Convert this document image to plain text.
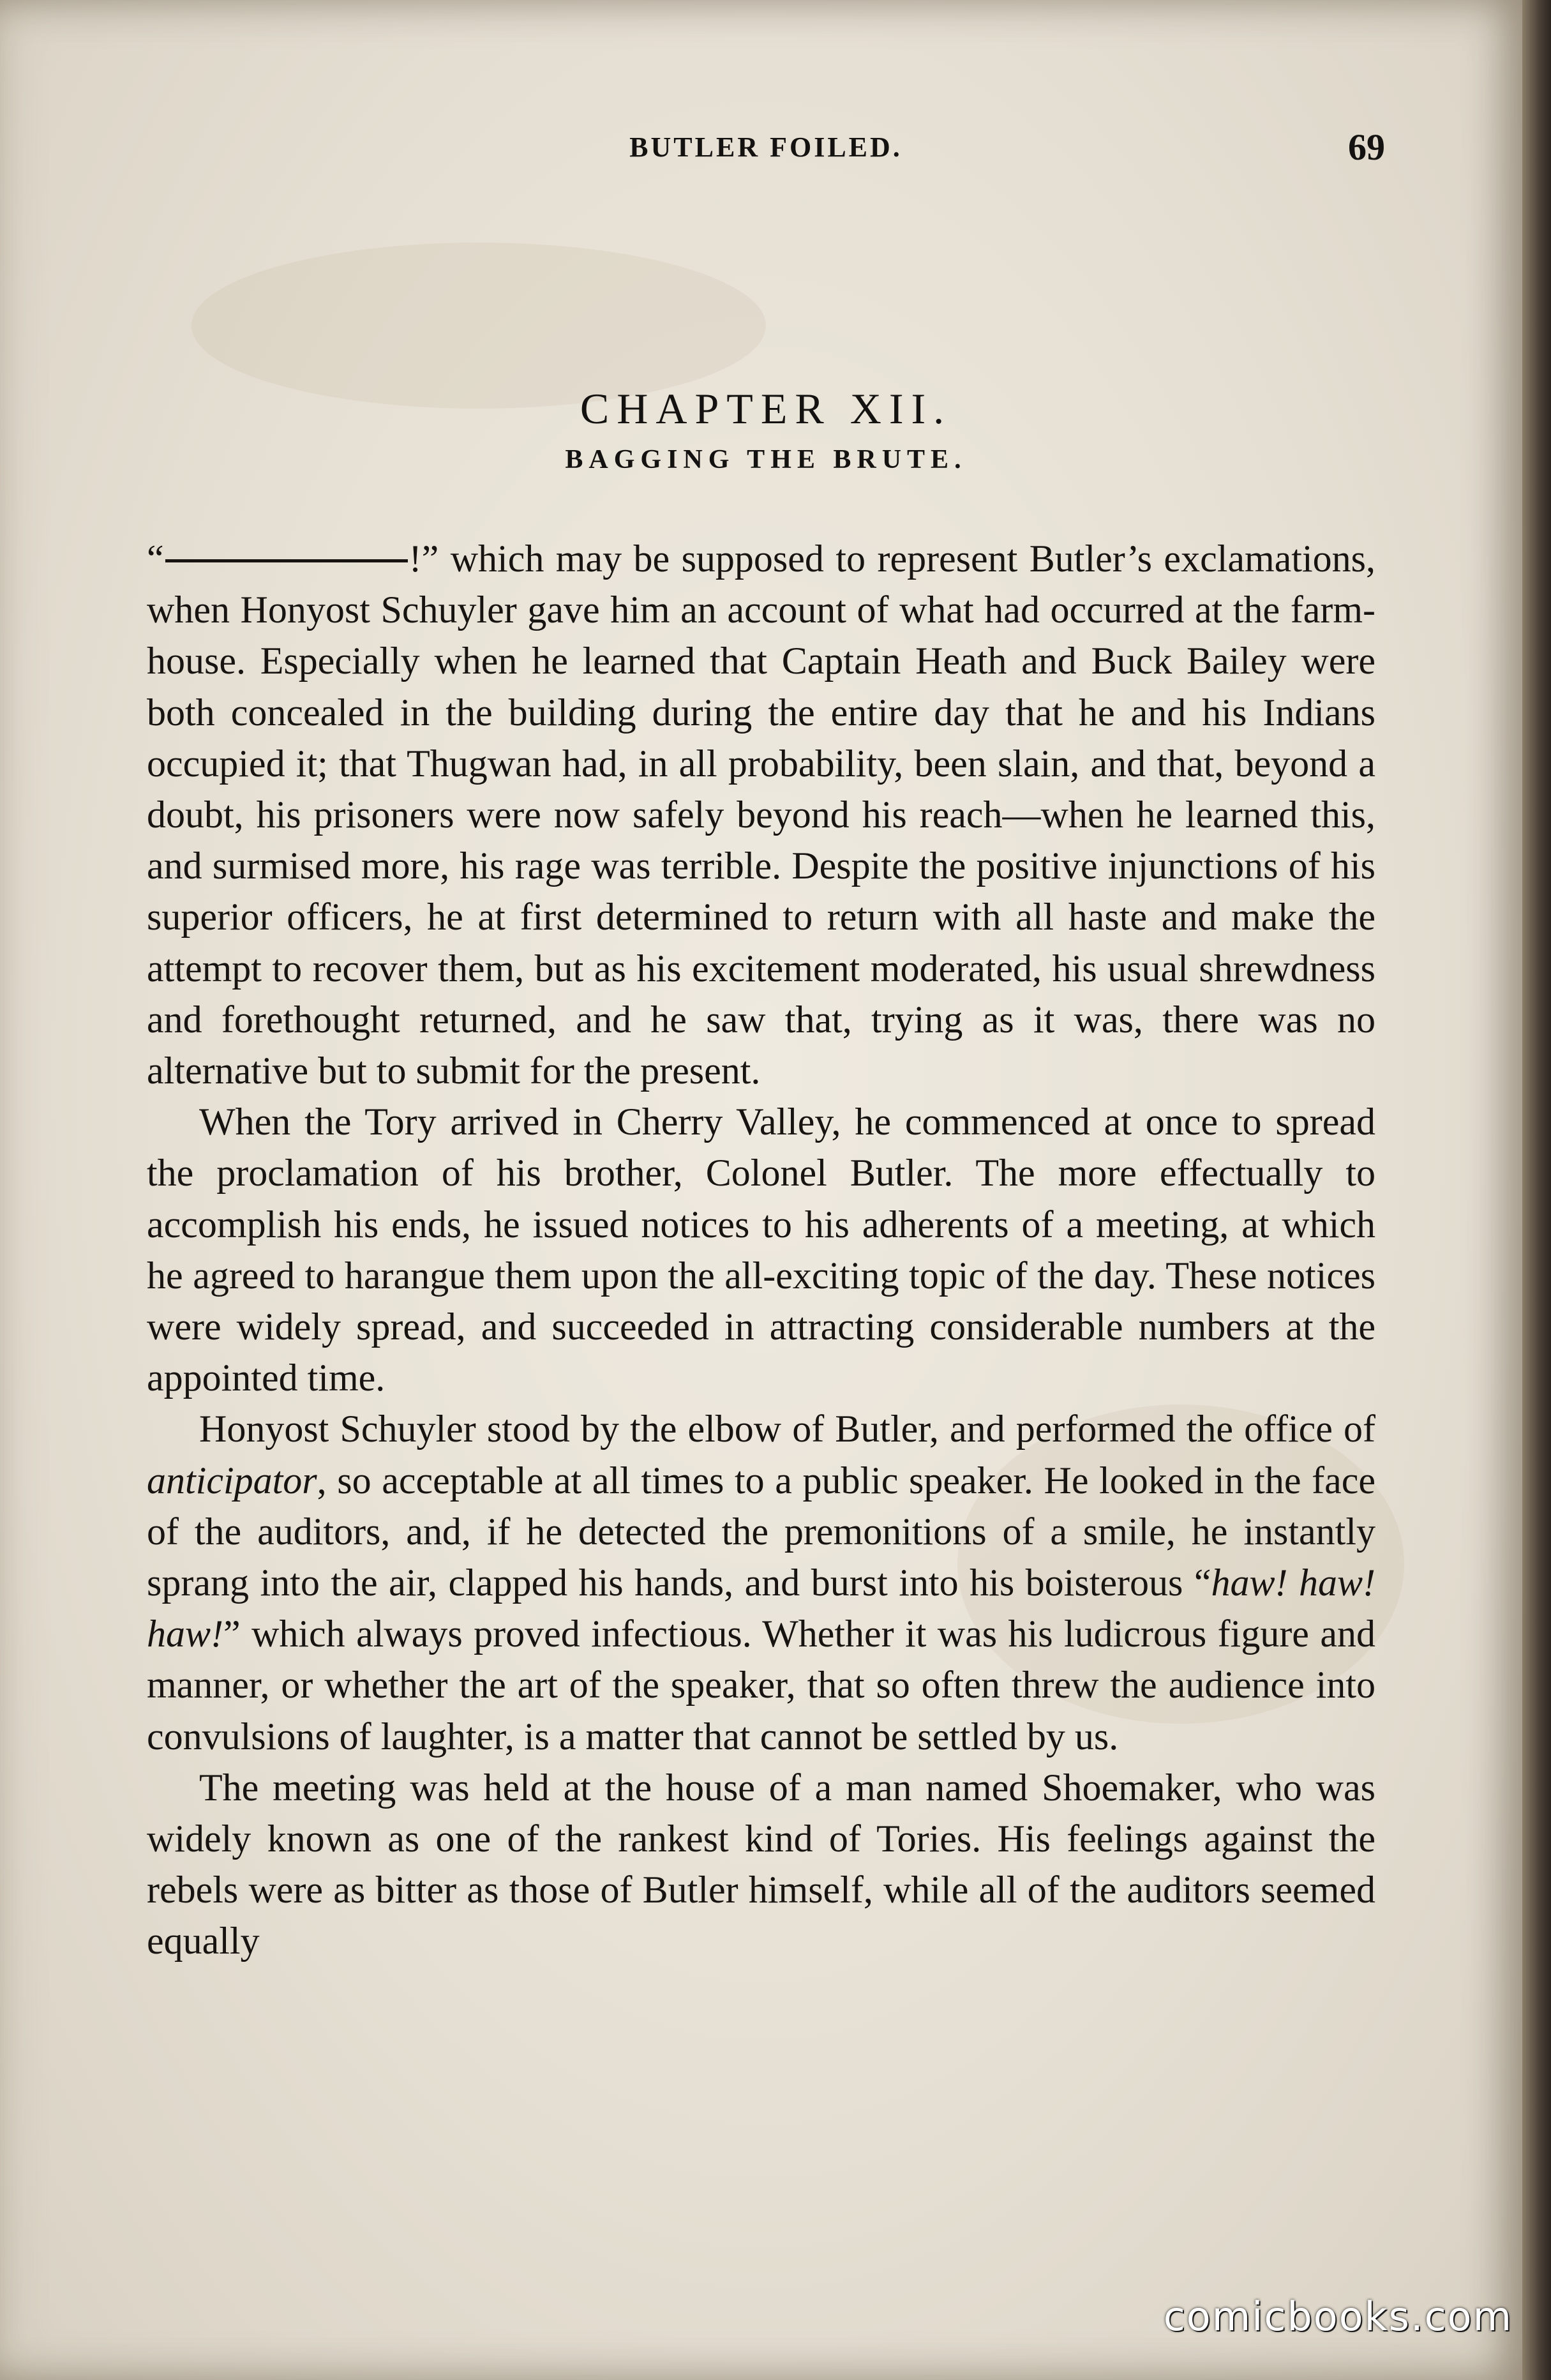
BUTLER FOILED.	69
CHAPTER XII.
BAGGING THE BRUTE.

“	!” which may be supposed to represent Butler’s exclamations, when Honyost Schuyler gave him an account of what had occurred at the farm-house. Especially when he learned that Captain Heath and Buck Bailey were both concealed in the building during the entire day that he and his Indians occupied it; that Thugwan had, in all probability, been slain, and that, beyond a doubt, his prisoners were now safely beyond his reach—when he learned this, and surmised more, his rage was terrible. Despite the positive injunctions of his superior officers, he at first determined to return with all haste and make the attempt to recover them, but as his excitement moderated, his usual shrewdness and forethought returned, and he saw that, trying as it was, there was no alternative but to submit for the present.

When the Tory arrived in Cherry Valley, he commenced at once to spread the proclamation of his brother, Colonel Butler. The more effectually to accomplish his ends, he issued notices to his adherents of a meeting, at which he agreed to harangue them upon the all-exciting topic of the day. These notices were widely spread, and succeeded in attracting considerable numbers at the appointed time.

Honyost Schuyler stood by the elbow of Butler, and performed the office of anticipator, so acceptable at all times to a public speaker. He looked in the face of the auditors, and, if he detected the premonitions of a smile, he instantly sprang into the air, clapped his hands, and burst into his boisterous “haw! haw! haw!” which always proved infectious. Whether it was his ludicrous figure and manner, or whether the art of the speaker, that so often threw the audience into convulsions of laughter, is a matter that cannot be settled by us.

The meeting was held at the house of a man named Shoemaker, who was widely known as one of the rankest kind of Tories. His feelings against the rebels were as bitter as those of Butler himself, while all of the auditors seemed equally

comicbooks.com
